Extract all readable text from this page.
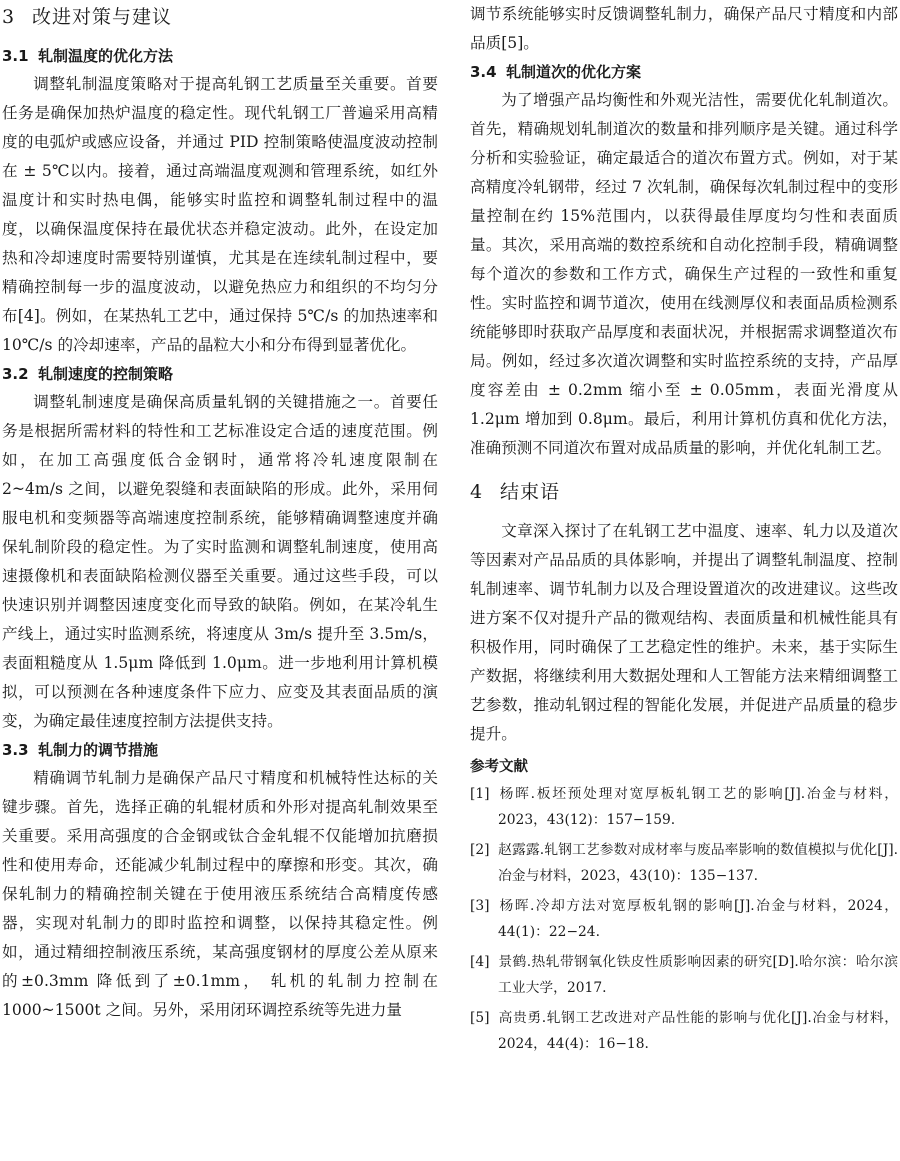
3 改进对策与建议
3.1 轧制温度的优化方法

调整轧制温度策略对于提高轧钢工艺质量至关重要。首要任务是确保加热炉温度的稳定性。现代轧钢工厂普遍采用高精度的电弧炉或感应设备，并通过 PID 控制策略使温度波动控制在 ± 5℃以内。接着，通过高端温度观测和管理系统，如红外温度计和实时热电偶，能够实时监控和调整轧制过程中的温度，以确保温度保持在最优状态并稳定波动。此外，在设定加热和冷却速度时需要特别谨慎，尤其是在连续轧制过程中，要精确控制每一步的温度波动，以避免热应力和组织的不均匀分布[4]。例如，在某热轧工艺中，通过保持 5℃/s 的加热速率和 10℃/s 的冷却速率，产品的晶粒大小和分布得到显著优化。

3.2 轧制速度的控制策略

调整轧制速度是确保高质量轧钢的关键措施之一。首要任务是根据所需材料的特性和工艺标准设定合适的速度范围。例如，在加工高强度低合金钢时，通常将冷轧速度限制在 2~4m/s 之间，以避免裂缝和表面缺陷的形成。此外，采用伺服电机和变频器等高端速度控制系统，能够精确调整速度并确保轧制阶段的稳定性。为了实时监测和调整轧制速度，使用高速摄像机和表面缺陷检测仪器至关重要。通过这些手段，可以快速识别并调整因速度变化而导致的缺陷。例如，在某冷轧生产线上，通过实时监测系统，将速度从 3m/s 提升至 3.5m/s，表面粗糙度从 1.5μm 降低到 1.0μm。进一步地利用计算机模拟，可以预测在各种速度条件下应力、应变及其表面品质的演变，为确定最佳速度控制方法提供支持。

3.3 轧制力的调节措施

精确调节轧制力是确保产品尺寸精度和机械特性达标的关键步骤。首先，选择正确的轧辊材质和外形对提高轧制效果至关重要。采用高强度的合金钢或钛合金轧辊不仅能增加抗磨损性和使用寿命，还能减少轧制过程中的摩擦和形变。其次，确保轧制力的精确控制关键在于使用液压系统结合高精度传感器，实现对轧制力的即时监控和调整，以保持其稳定性。例如，通过精细控制液压系统，某高强度钢材的厚度公差从原来的±0.3mm 降低到了±0.1mm， 轧机的轧制力控制在 1000~1500t 之间。另外，采用闭环调控系统等先进力量

调节系统能够实时反馈调整轧制力，确保产品尺寸精度和内部品质[5]。

3.4 轧制道次的优化方案

为了增强产品均衡性和外观光洁性，需要优化轧制道次。首先，精确规划轧制道次的数量和排列顺序是关键。通过科学分析和实验验证，确定最适合的道次布置方式。例如，对于某高精度冷轧钢带，经过 7 次轧制，确保每次轧制过程中的变形量控制在约 15%范围内，以获得最佳厚度均匀性和表面质量。其次，采用高端的数控系统和自动化控制手段，精确调整每个道次的参数和工作方式，确保生产过程的一致性和重复性。实时监控和调节道次，使用在线测厚仪和表面品质检测系统能够即时获取产品厚度和表面状况，并根据需求调整道次布局。例如，经过多次道次调整和实时监控系统的支持，产品厚度容差由 ± 0.2mm 缩小至 ± 0.05mm，表面光滑度从 1.2μm 增加到 0.8μm。最后，利用计算机仿真和优化方法，准确预测不同道次布置对成品质量的影响，并优化轧制工艺。

4 结束语

文章深入探讨了在轧钢工艺中温度、速率、轧力以及道次等因素对产品品质的具体影响，并提出了调整轧制温度、控制轧制速率、调节轧制力以及合理设置道次的改进建议。这些改进方案不仅对提升产品的微观结构、表面质量和机械性能具有积极作用，同时确保了工艺稳定性的维护。未来，基于实际生产数据，将继续利用大数据处理和人工智能方法来精细调整工艺参数，推动轧钢过程的智能化发展，并促进产品质量的稳步提升。

参考文献

[1] 杨晖.板坯预处理对宽厚板轧钢工艺的影响[J].冶金与材料，2023，43(12)：157−159.

[2] 赵露露.轧钢工艺参数对成材率与废品率影响的数值模拟与优化[J].冶金与材料，2023，43(10)：135−137.

[3] 杨晖.冷却方法对宽厚板轧钢的影响[J].冶金与材料，2024，44(1)：22−24.

[4] 景鹤.热轧带钢氧化铁皮性质影响因素的研究[D].哈尔滨：哈尔滨工业大学，2017.

[5] 高贵勇.轧钢工艺改进对产品性能的影响与优化[J].冶金与材料，2024，44(4)：16−18.
